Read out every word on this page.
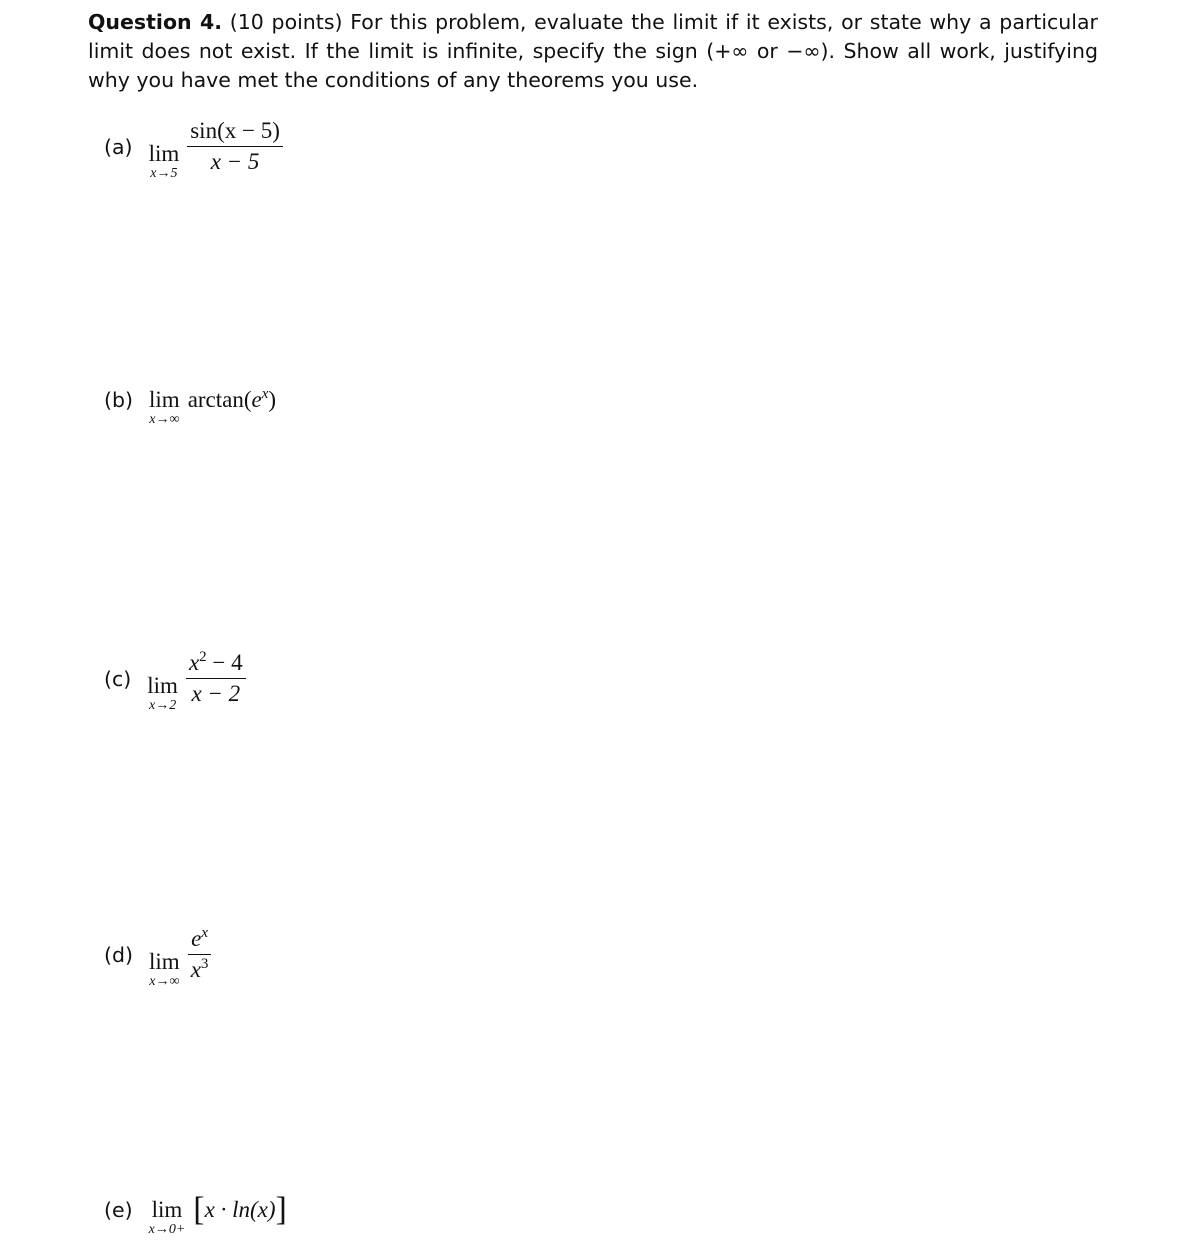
Question 4. (10 points) For this problem, evaluate the limit if it exists, or state why a particular limit does not exist. If the limit is infinite, specify the sign (+∞ or −∞). Show all work, justifying why you have met the conditions of any theorems you use.
(a) lim
$x\to 5 \frac{\sin(x - 5)}{x - 5}$
(b) lim
x→∞
$\arctan(e^x)$
(c) lim
$x\to 2 \frac{x^2 - 4}{x - 2}$
(d) lim
$x\to\infty \frac{e^x}{x^3}$
(e) lim
x→0+
[x · ln(x)]
